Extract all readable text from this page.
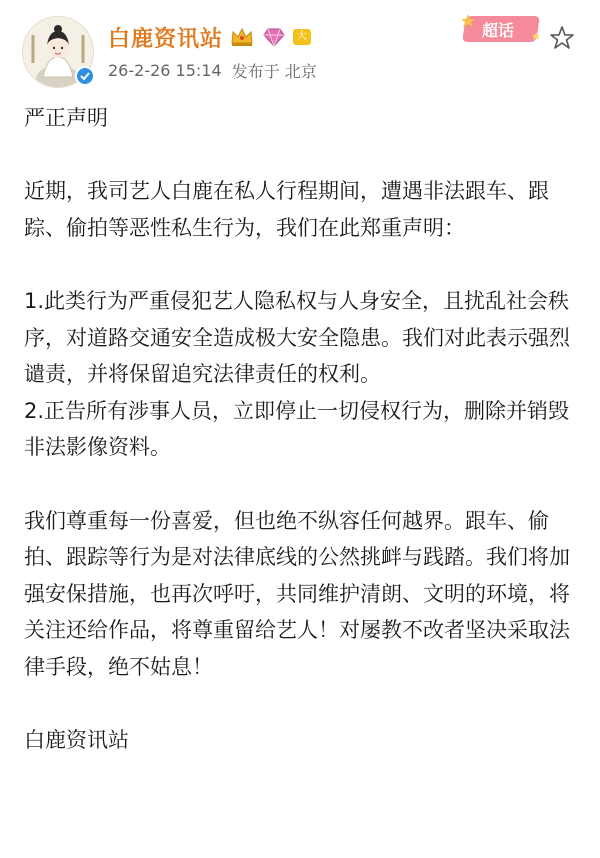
白鹿资讯站	大
26-2-26 15:14 发布于 北京
超话

严正声明

近期，我司艺人白鹿在私人行程期间，遭遇非法跟车、跟踪、偷拍等恶性私生行为，我们在此郑重声明：

1.此类行为严重侵犯艺人隐私权与人身安全，且扰乱社会秩序，对道路交通安全造成极大安全隐患。我们对此表示强烈谴责，并将保留追究法律责任的权利。

2.正告所有涉事人员，立即停止一切侵权行为，删除并销毁非法影像资料。

我们尊重每一份喜爱，但也绝不纵容任何越界。跟车、偷拍、跟踪等行为是对法律底线的公然挑衅与践踏。我们将加强安保措施，也再次呼吁，共同维护清朗、文明的环境，将关注还给作品，将尊重留给艺人！对屡教不改者坚决采取法律手段，绝不姑息！

白鹿资讯站
